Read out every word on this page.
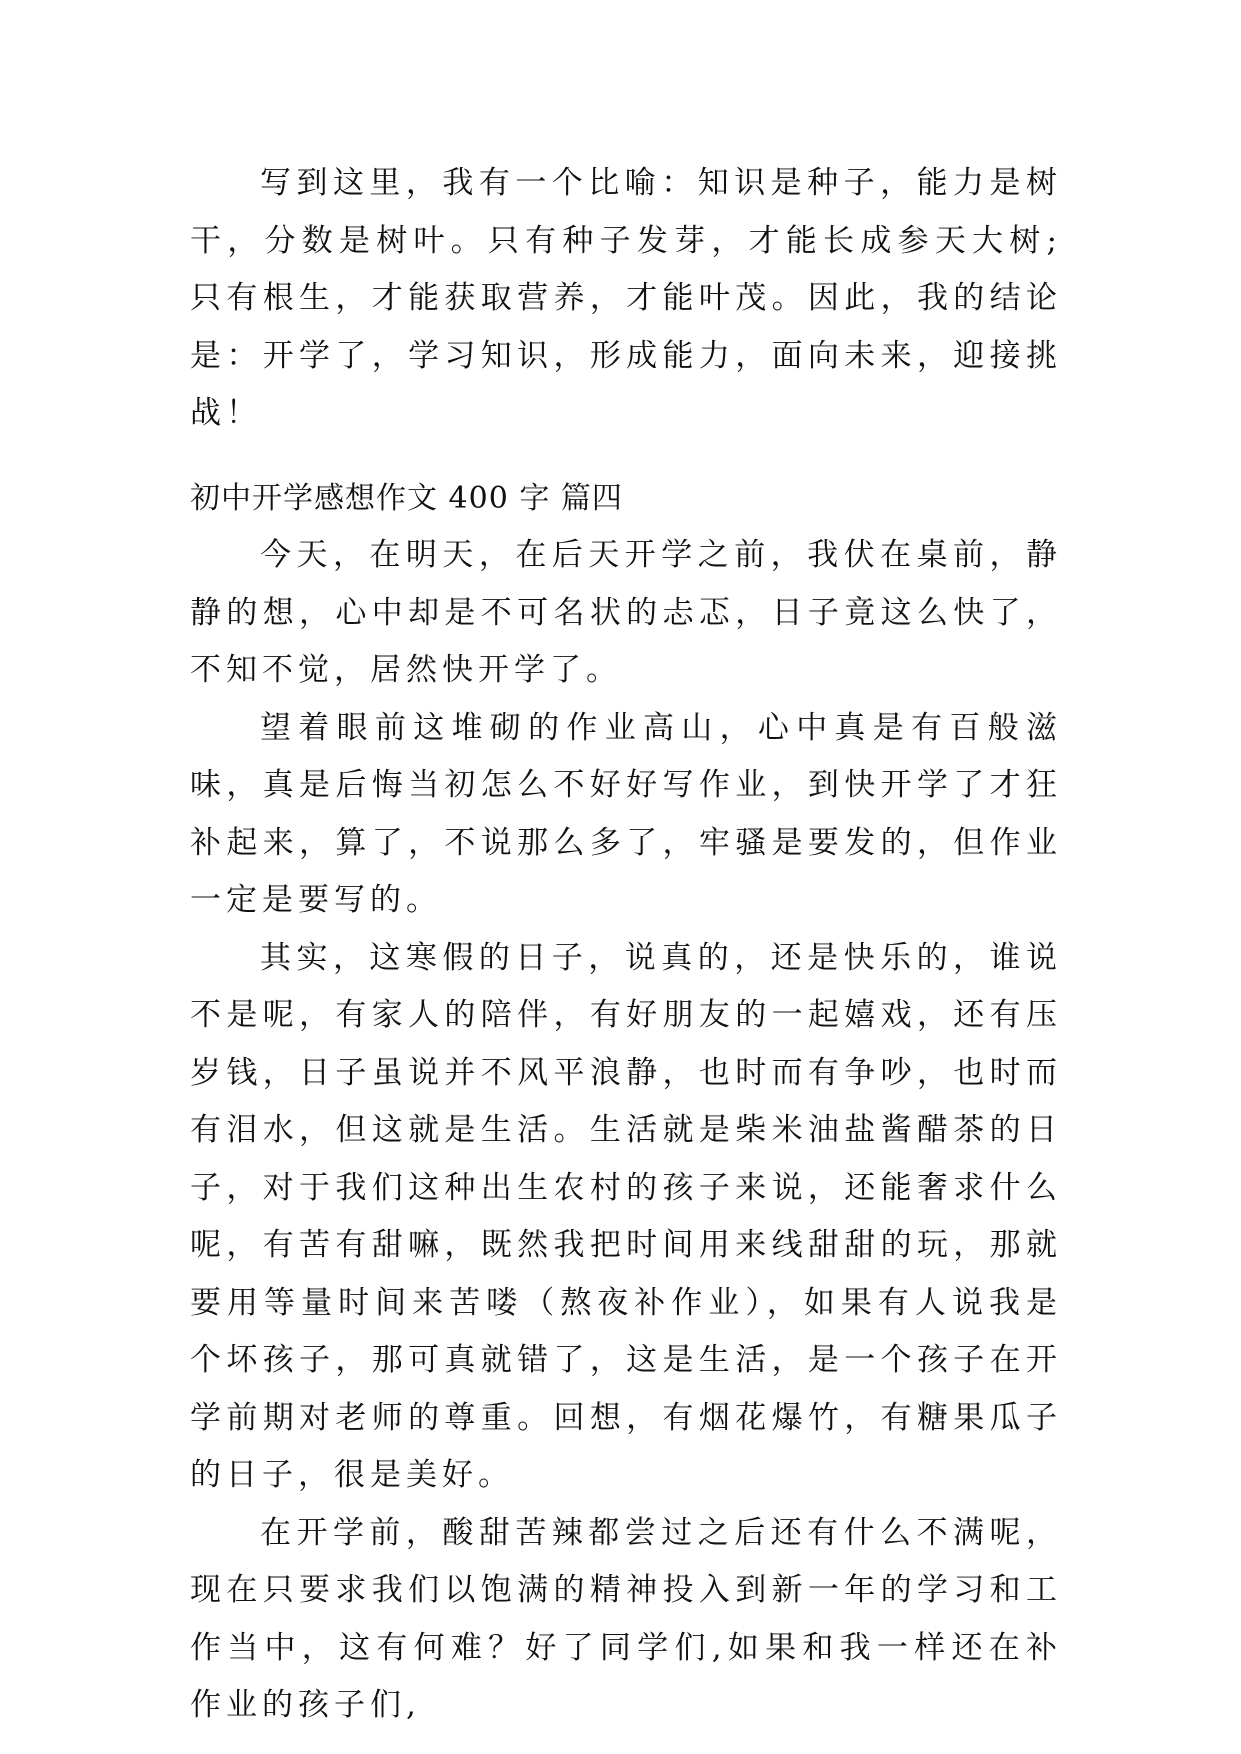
写到这里，我有一个比喻：知识是种子，能力是树干，分数是树叶。只有种子发芽，才能长成参天大树;只有根生，才能获取营养，才能叶茂。因此，我的结论是：开学了，学习知识，形成能力，面向未来，迎接挑战！

初中开学感想作文 400 字 篇四

今天，在明天，在后天开学之前，我伏在桌前，静静的想，心中却是不可名状的忐忑，日子竟这么快了，不知不觉，居然快开学了。

望着眼前这堆砌的作业高山，心中真是有百般滋味，真是后悔当初怎么不好好写作业，到快开学了才狂补起来，算了，不说那么多了，牢骚是要发的，但作业一定是要写的。

其实，这寒假的日子，说真的，还是快乐的，谁说不是呢，有家人的陪伴，有好朋友的一起嬉戏，还有压岁钱，日子虽说并不风平浪静，也时而有争吵，也时而有泪水，但这就是生活。生活就是柴米油盐酱醋茶的日子，对于我们这种出生农村的孩子来说，还能奢求什么呢，有苦有甜嘛，既然我把时间用来线甜甜的玩，那就要用等量时间来苦喽（熬夜补作业），如果有人说我是个坏孩子，那可真就错了，这是生活，是一个孩子在开学前期对老师的尊重。回想，有烟花爆竹，有糖果瓜子的日子，很是美好。

在开学前，酸甜苦辣都尝过之后还有什么不满呢，现在只要求我们以饱满的精神投入到新一年的学习和工作当中，这有何难？好了同学们,如果和我一样还在补作业的孩子们,
